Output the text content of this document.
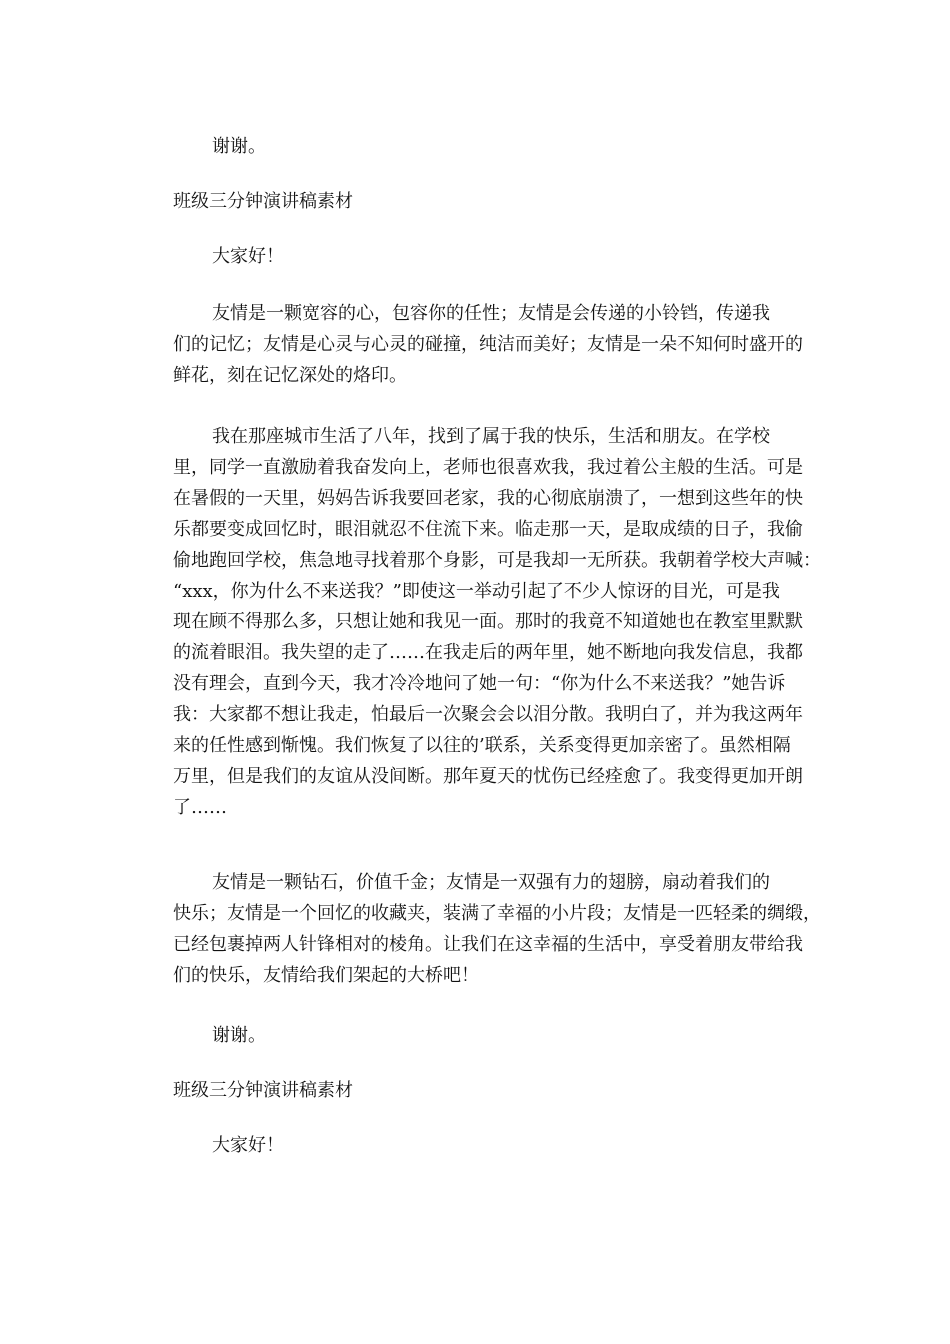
谢谢。
班级三分钟演讲稿素材
大家好！
友情是一颗宽容的心，包容你的任性；友情是会传递的小铃铛，传递我
们的记忆；友情是心灵与心灵的碰撞，纯洁而美好；友情是一朵不知何时盛开的
鲜花，刻在记忆深处的烙印。
我在那座城市生活了八年，找到了属于我的快乐，生活和朋友。在学校
里，同学一直激励着我奋发向上，老师也很喜欢我，我过着公主般的生活。可是
在暑假的一天里，妈妈告诉我要回老家，我的心彻底崩溃了，一想到这些年的快
乐都要变成回忆时，眼泪就忍不住流下来。临走那一天，是取成绩的日子，我偷
偷地跑回学校，焦急地寻找着那个身影，可是我却一无所获。我朝着学校大声喊：
“xxx，你为什么不来送我？”即使这一举动引起了不少人惊讶的目光，可是我
现在顾不得那么多，只想让她和我见一面。那时的我竟不知道她也在教室里默默
的流着眼泪。我失望的走了……在我走后的两年里，她不断地向我发信息，我都
没有理会，直到今天，我才冷冷地问了她一句：“你为什么不来送我？”她告诉
我：大家都不想让我走，怕最后一次聚会会以泪分散。我明白了，并为我这两年
来的任性感到惭愧。我们恢复了以往的’联系，关系变得更加亲密了。虽然相隔
万里，但是我们的友谊从没间断。那年夏天的忧伤已经痊愈了。我变得更加开朗
了……
友情是一颗钻石，价值千金；友情是一双强有力的翅膀，扇动着我们的
快乐；友情是一个回忆的收藏夹，装满了幸福的小片段；友情是一匹轻柔的绸缎，
已经包裹掉两人针锋相对的棱角。让我们在这幸福的生活中，享受着朋友带给我
们的快乐，友情给我们架起的大桥吧！
谢谢。
班级三分钟演讲稿素材
大家好！
